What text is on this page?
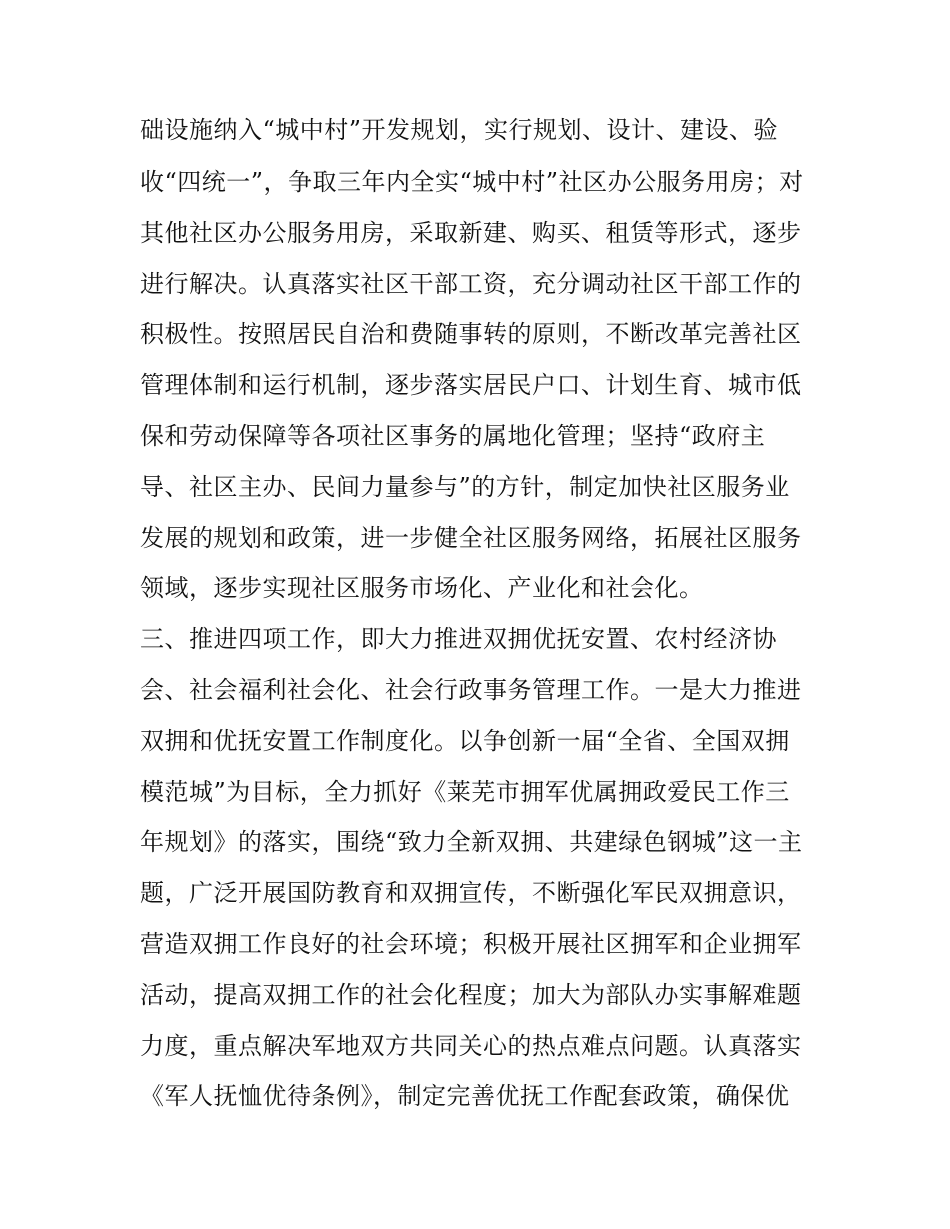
础设施纳入“城中村”开发规划，实行规划、设计、建设、验
收“四统一”，争取三年内全实“城中村”社区办公服务用房；对
其他社区办公服务用房，采取新建、购买、租赁等形式，逐步
进行解决。认真落实社区干部工资，充分调动社区干部工作的
积极性。按照居民自治和费随事转的原则，不断改革完善社区
管理体制和运行机制，逐步落实居民户口、计划生育、城市低
保和劳动保障等各项社区事务的属地化管理；坚持“政府主
导、社区主办、民间力量参与”的方针，制定加快社区服务业
发展的规划和政策，进一步健全社区服务网络，拓展社区服务
领域，逐步实现社区服务市场化、产业化和社会化。
三、推进四项工作，即大力推进双拥优抚安置、农村经济协
会、社会福利社会化、社会行政事务管理工作。一是大力推进
双拥和优抚安置工作制度化。以争创新一届“全省、全国双拥
模范城”为目标，全力抓好《莱芜市拥军优属拥政爱民工作三
年规划》的落实，围绕“致力全新双拥、共建绿色钢城”这一主
题，广泛开展国防教育和双拥宣传，不断强化军民双拥意识，
营造双拥工作良好的社会环境；积极开展社区拥军和企业拥军
活动，提高双拥工作的社会化程度；加大为部队办实事解难题
力度，重点解决军地双方共同关心的热点难点问题。认真落实
《军人抚恤优待条例》，制定完善优抚工作配套政策，确保优
